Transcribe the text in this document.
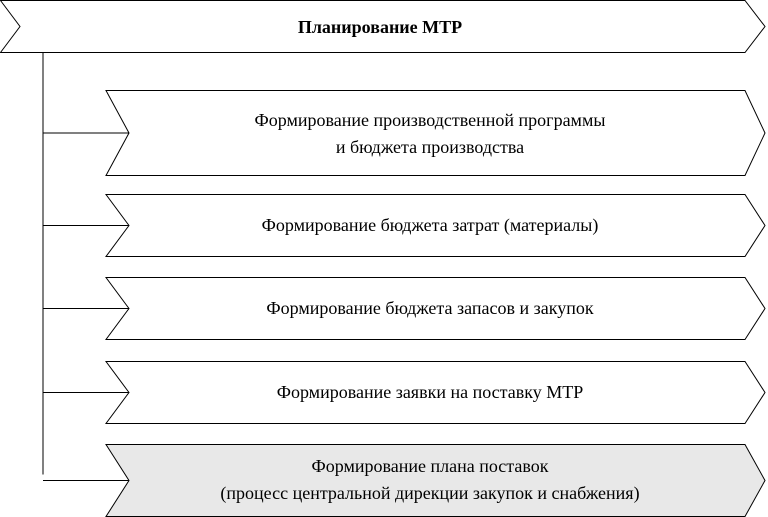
Планирование МТР
Формирование производственной программы
и бюджета производства
Формирование бюджета затрат (материалы)
Формирование бюджета запасов и закупок
Формирование заявки на поставку МТР
Формирование плана поставок
(процесс центральной дирекции закупок и снабжения)
